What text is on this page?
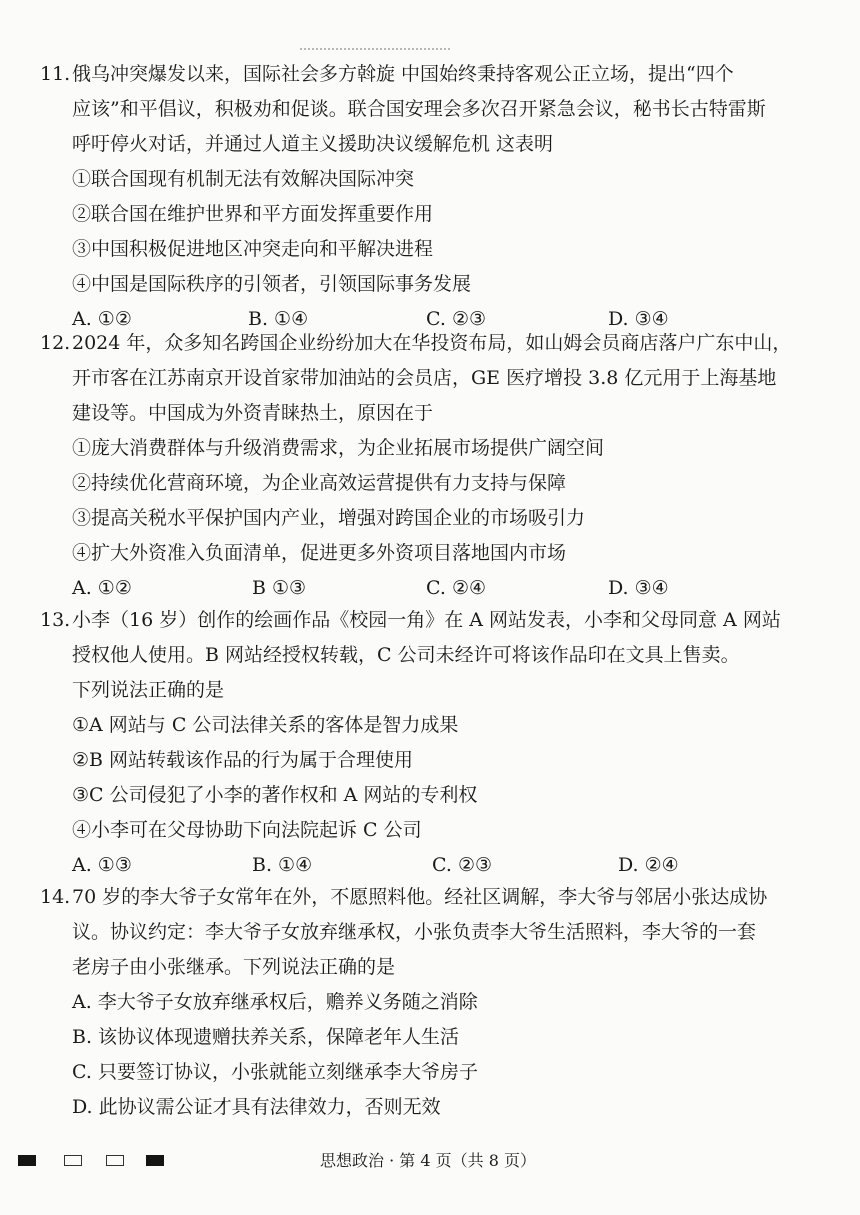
11. 俄乌冲突爆发以来，国际社会多方斡旋 中国始终秉持客观公正立场，提出“四个
应该”和平倡议，积极劝和促谈。联合国安理会多次召开紧急会议，秘书长古特雷斯
呼吁停火对话，并通过人道主义援助决议缓解危机 这表明
①联合国现有机制无法有效解决国际冲突
②联合国在维护世界和平方面发挥重要作用
③中国积极促进地区冲突走向和平解决进程
④中国是国际秩序的引领者，引领国际事务发展
A. ①②	B. ①④	C. ②③	D. ③④
12. 2024 年，众多知名跨国企业纷纷加大在华投资布局，如山姆会员商店落户广东中山，
开市客在江苏南京开设首家带加油站的会员店，GE 医疗增投 3.8 亿元用于上海基地
建设等。中国成为外资青睐热土，原因在于
①庞大消费群体与升级消费需求，为企业拓展市场提供广阔空间
②持续优化营商环境，为企业高效运营提供有力支持与保障
③提高关税水平保护国内产业，增强对跨国企业的市场吸引力
④扩大外资准入负面清单，促进更多外资项目落地国内市场
A. ①②	B ①③	C. ②④	D. ③④
13. 小李（16 岁）创作的绘画作品《校园一角》在 A 网站发表，小李和父母同意 A 网站
授权他人使用。B 网站经授权转载，C 公司未经许可将该作品印在文具上售卖。
下列说法正确的是
①A 网站与 C 公司法律关系的客体是智力成果
②B 网站转载该作品的行为属于合理使用
③C 公司侵犯了小李的著作权和 A 网站的专利权
④小李可在父母协助下向法院起诉 C 公司
A. ①③	B. ①④	C. ②③	D. ②④
14. 70 岁的李大爷子女常年在外，不愿照料他。经社区调解，李大爷与邻居小张达成协
议。协议约定：李大爷子女放弃继承权，小张负责李大爷生活照料，李大爷的一套
老房子由小张继承。下列说法正确的是
A. 李大爷子女放弃继承权后，赡养义务随之消除
B. 该协议体现遗赠扶养关系，保障老年人生活
C. 只要签订协议，小张就能立刻继承李大爷房子
D. 此协议需公证才具有法律效力，否则无效
思想政治 · 第 4 页（共 8 页）
